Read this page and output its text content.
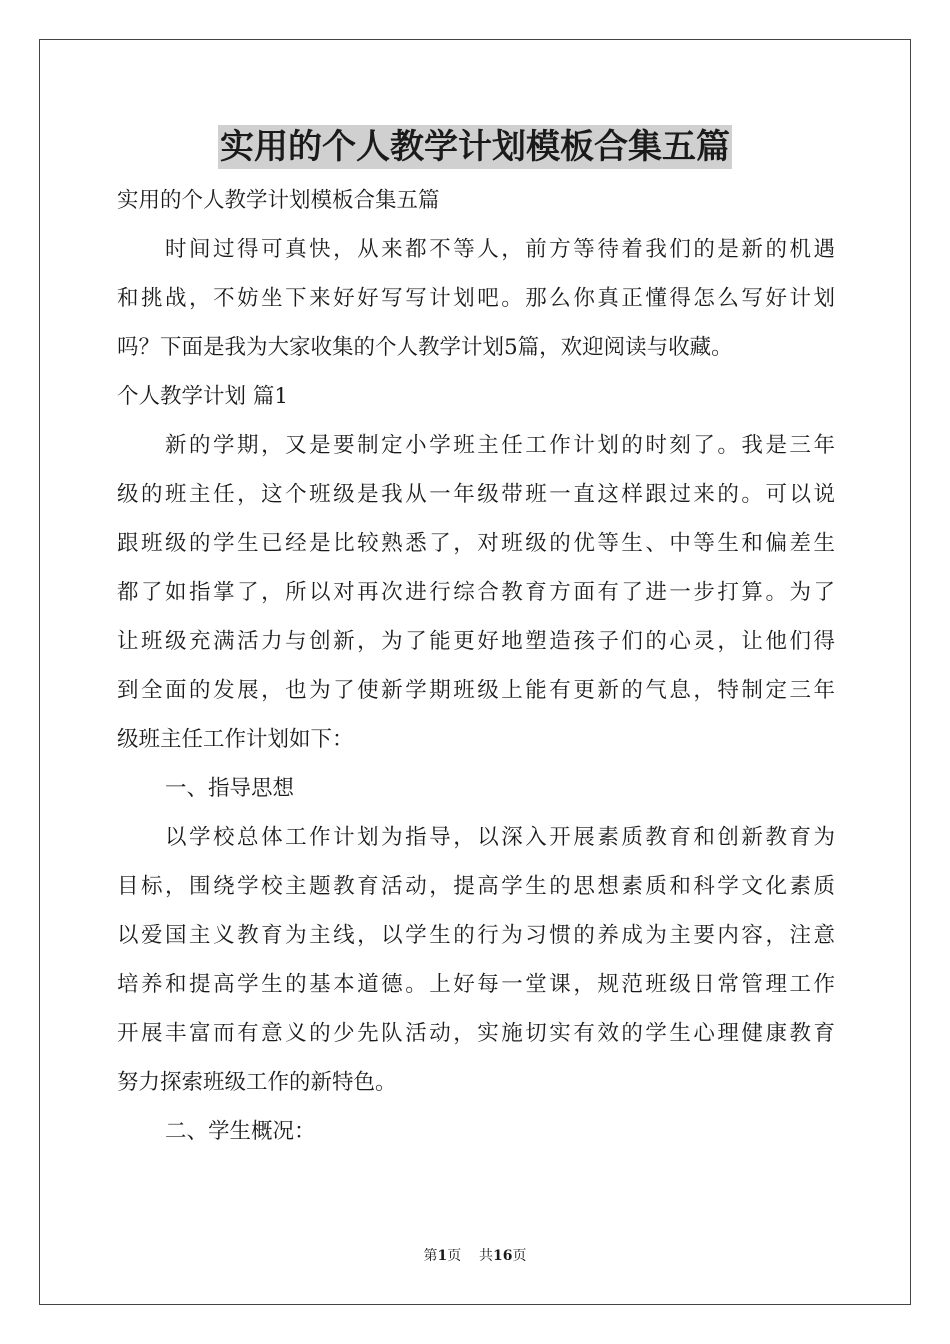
实用的个人教学计划模板合集五篇
实用的个人教学计划模板合集五篇
时间过得可真快，从来都不等人，前方等待着我们的是新的机遇
和挑战，不妨坐下来好好写写计划吧。那么你真正懂得怎么写好计划
吗？下面是我为大家收集的个人教学计划5篇，欢迎阅读与收藏。
个人教学计划 篇1
新的学期，又是要制定小学班主任工作计划的时刻了。我是三年
级的班主任，这个班级是我从一年级带班一直这样跟过来的。可以说
跟班级的学生已经是比较熟悉了，对班级的优等生、中等生和偏差生
都了如指掌了，所以对再次进行综合教育方面有了进一步打算。为了
让班级充满活力与创新，为了能更好地塑造孩子们的心灵，让他们得
到全面的发展，也为了使新学期班级上能有更新的气息，特制定三年
级班主任工作计划如下：
一、指导思想
以学校总体工作计划为指导，以深入开展素质教育和创新教育为
目标，围绕学校主题教育活动，提高学生的思想素质和科学文化素质
以爱国主义教育为主线，以学生的行为习惯的养成为主要内容，注意
培养和提高学生的基本道德。上好每一堂课，规范班级日常管理工作
开展丰富而有意义的少先队活动，实施切实有效的学生心理健康教育
努力探索班级工作的新特色。
二、学生概况：
第1页 共16页
